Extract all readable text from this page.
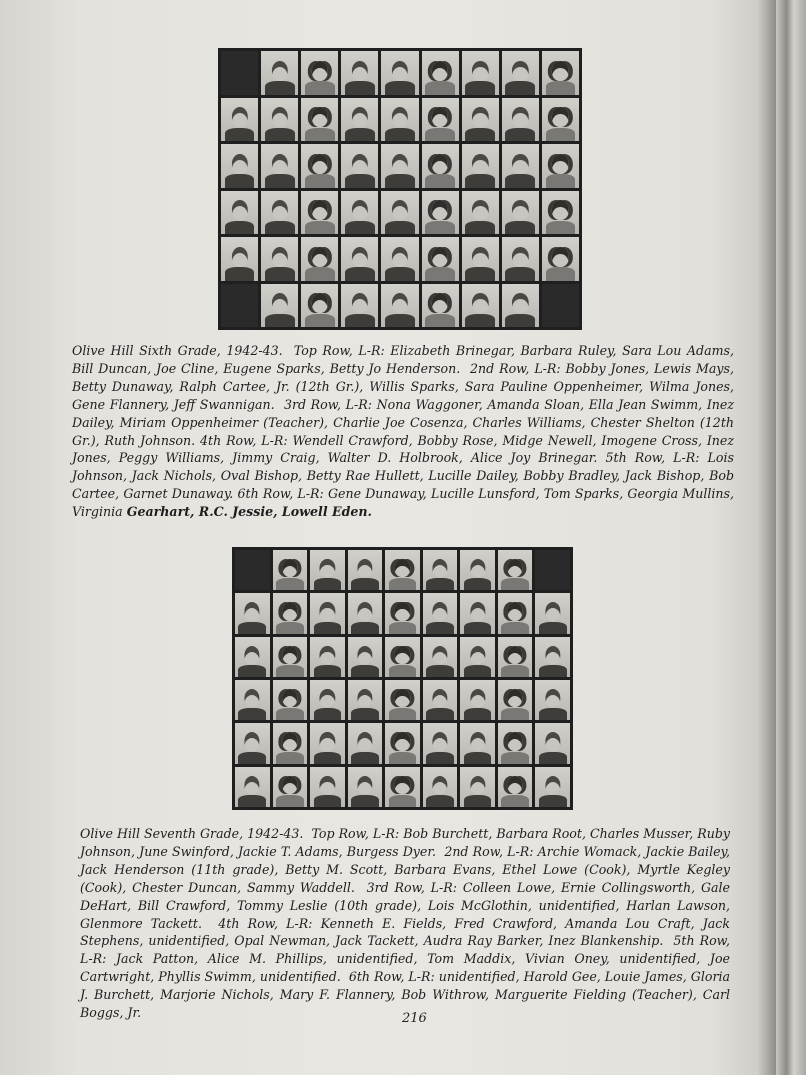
Olive Hill Sixth Grade, 1942-43. Top Row, L-R: Elizabeth Brinegar, Barbara Ruley, Sara Lou Adams, Bill Duncan, Joe Cline, Eugene Sparks, Betty Jo Henderson. 2nd Row, L-R: Bobby Jones, Lewis Mays, Betty Dunaway, Ralph Cartee, Jr. (12th Gr.), Willis Sparks, Sara Pauline Oppenheimer, Wilma Jones, Gene Flannery, Jeff Swannigan. 3rd Row, L-R: Nona Waggoner, Amanda Sloan, Ella Jean Swimm, Inez Dailey, Miriam Oppenheimer (Teacher), Charlie Joe Cosenza, Charles Williams, Chester Shelton (12th Gr.), Ruth Johnson. 4th Row, L-R: Wendell Crawford, Bobby Rose, Midge Newell, Imogene Cross, Inez Jones, Peggy Williams, Jimmy Craig, Walter D. Holbrook, Alice Joy Brinegar. 5th Row, L-R: Lois Johnson, Jack Nichols, Oval Bishop, Betty Rae Hullett, Lucille Dailey, Bobby Bradley, Jack Bishop, Bob Cartee, Garnet Dunaway. 6th Row, L-R: Gene Dunaway, Lucille Lunsford, Tom Sparks, Georgia Mullins, Virginia Gearhart, R.C. Jessie, Lowell Eden.

Olive Hill Seventh Grade, 1942-43. Top Row, L-R: Bob Burchett, Barbara Root, Charles Musser, Ruby Johnson, June Swinford, Jackie T. Adams, Burgess Dyer. 2nd Row, L-R: Archie Womack, Jackie Bailey, Jack Henderson (11th grade), Betty M. Scott, Barbara Evans, Ethel Lowe (Cook), Myrtle Kegley (Cook), Chester Duncan, Sammy Waddell. 3rd Row, L-R: Colleen Lowe, Ernie Collingsworth, Gale DeHart, Bill Crawford, Tommy Leslie (10th grade), Lois McGlothin, unidentified, Harlan Lawson, Glenmore Tackett. 4th Row, L-R: Kenneth E. Fields, Fred Crawford, Amanda Lou Craft, Jack Stephens, unidentified, Opal Newman, Jack Tackett, Audra Ray Barker, Inez Blankenship. 5th Row, L-R: Jack Patton, Alice M. Phillips, unidentified, Tom Maddix, Vivian Oney, unidentified, Joe Cartwright, Phyllis Swimm, unidentified. 6th Row, L-R: unidentified, Harold Gee, Louie James, Gloria J. Burchett, Marjorie Nichols, Mary F. Flannery, Bob Withrow, Marguerite Fielding (Teacher), Carl Boggs, Jr.	216
